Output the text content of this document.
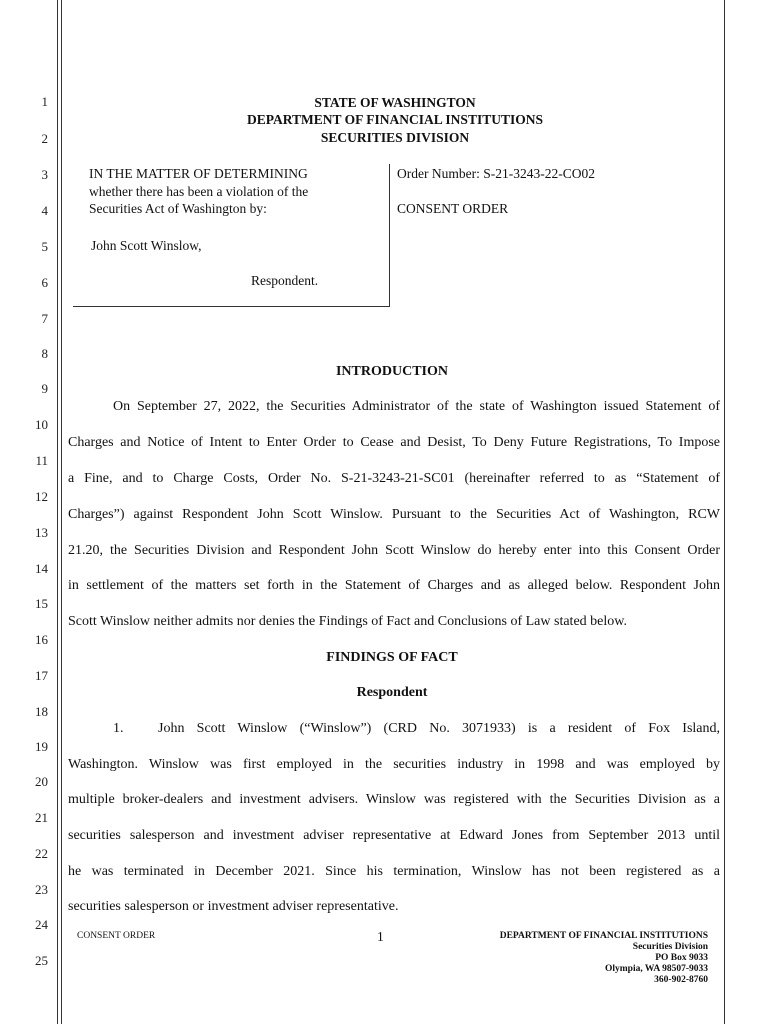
1
2
3
4
5
6
7
8
9
10
11
12
13
14
15
16
17
18
19
20
21
22
23
24
25
STATE OF WASHINGTON
DEPARTMENT OF FINANCIAL INSTITUTIONS
SECURITIES DIVISION
IN THE MATTER OF DETERMINING
whether there has been a violation of the
Securities Act of Washington by:
John Scott Winslow,
Respondent.
Order Number: S-21-3243-22-CO02
CONSENT ORDER
INTRODUCTION
On September 27, 2022, the Securities Administrator of the state of Washington issued Statement of
Charges and Notice of Intent to Enter Order to Cease and Desist, To Deny Future Registrations, To Impose
a Fine, and to Charge Costs, Order No. S-21-3243-21-SC01 (hereinafter referred to as “Statement of
Charges”) against Respondent John Scott Winslow. Pursuant to the Securities Act of Washington, RCW
21.20, the Securities Division and Respondent John Scott Winslow do hereby enter into this Consent Order
in settlement of the matters set forth in the Statement of Charges and as alleged below. Respondent John
Scott Winslow neither admits nor denies the Findings of Fact and Conclusions of Law stated below.
FINDINGS OF FACT
Respondent
1.	John Scott Winslow (“Winslow”) (CRD No. 3071933) is a resident of Fox Island,
Washington. Winslow was first employed in the securities industry in 1998 and was employed by
multiple broker-dealers and investment advisers. Winslow was registered with the Securities Division as a
securities salesperson and investment adviser representative at Edward Jones from September 2013 until
he was terminated in December 2021. Since his termination, Winslow has not been registered as a
securities salesperson or investment adviser representative.
CONSENT ORDER	1	DEPARTMENT OF FINANCIAL INSTITUTIONS
Securities Division
PO Box 9033
Olympia, WA 98507-9033
360-902-8760
